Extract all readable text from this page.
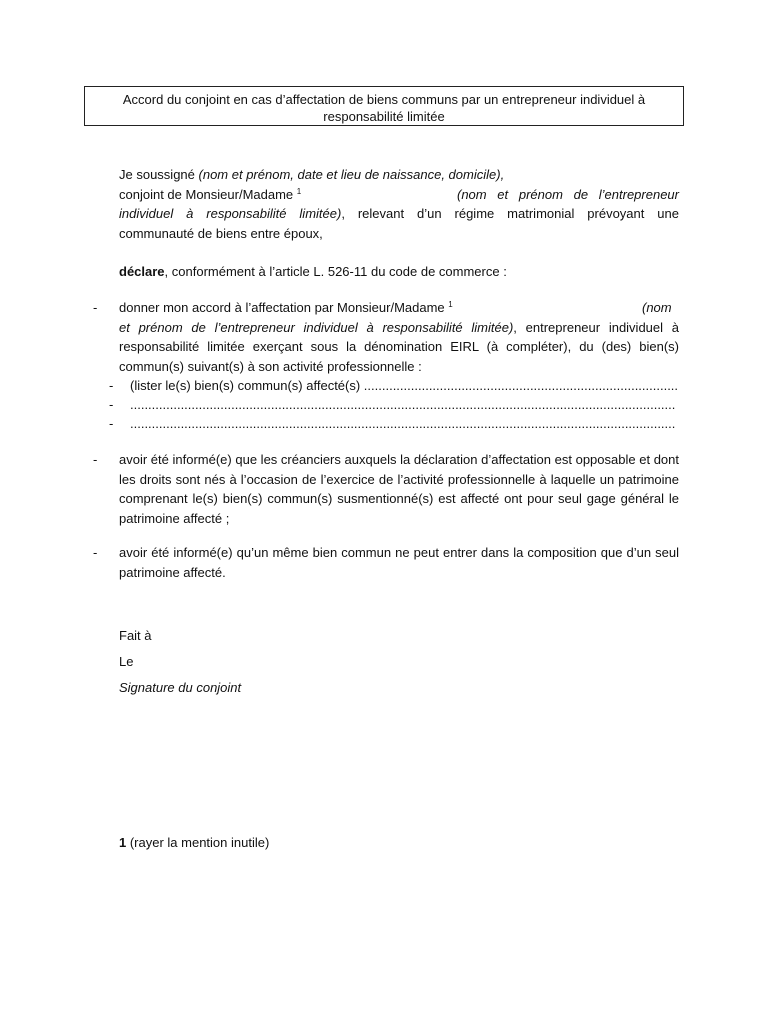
Accord du conjoint en cas d’affectation de biens communs par un entrepreneur individuel à
responsabilité limitée
Je soussigné (nom et prénom, date et lieu de naissance, domicile),
conjoint de Monsieur/Madame $^1$	(nom et prénom de l’entrepreneur
individuel à responsabilité limitée), relevant d’un régime matrimonial prévoyant une
communauté de biens entre époux,
déclare, conformément à l’article L. 526-11 du code de commerce :
- donner mon accord à l’affectation par Monsieur/Madame $^1$	(nom
et prénom de l’entrepreneur individuel à responsabilité limitée), entrepreneur individuel à responsabilité limitée exerçant sous la dénomination EIRL (à compléter), du (des) bien(s) commun(s) suivant(s) à son activité professionnelle :
- (lister le(s) bien(s) commun(s) affecté(s) .......................................................................................
- .......................................................................................................................................................
- .......................................................................................................................................................
- avoir été informé(e) que les créanciers auxquels la déclaration d’affectation est opposable et dont les droits sont nés à l’occasion de l’exercice de l’activité professionnelle à laquelle un patrimoine comprenant le(s) bien(s) commun(s) susmentionné(s) est affecté ont pour seul gage général le patrimoine affecté ;
- avoir été informé(e) qu’un même bien commun ne peut entrer dans la composition que d’un seul patrimoine affecté.
Fait à
Le
Signature du conjoint
1 (rayer la mention inutile)
